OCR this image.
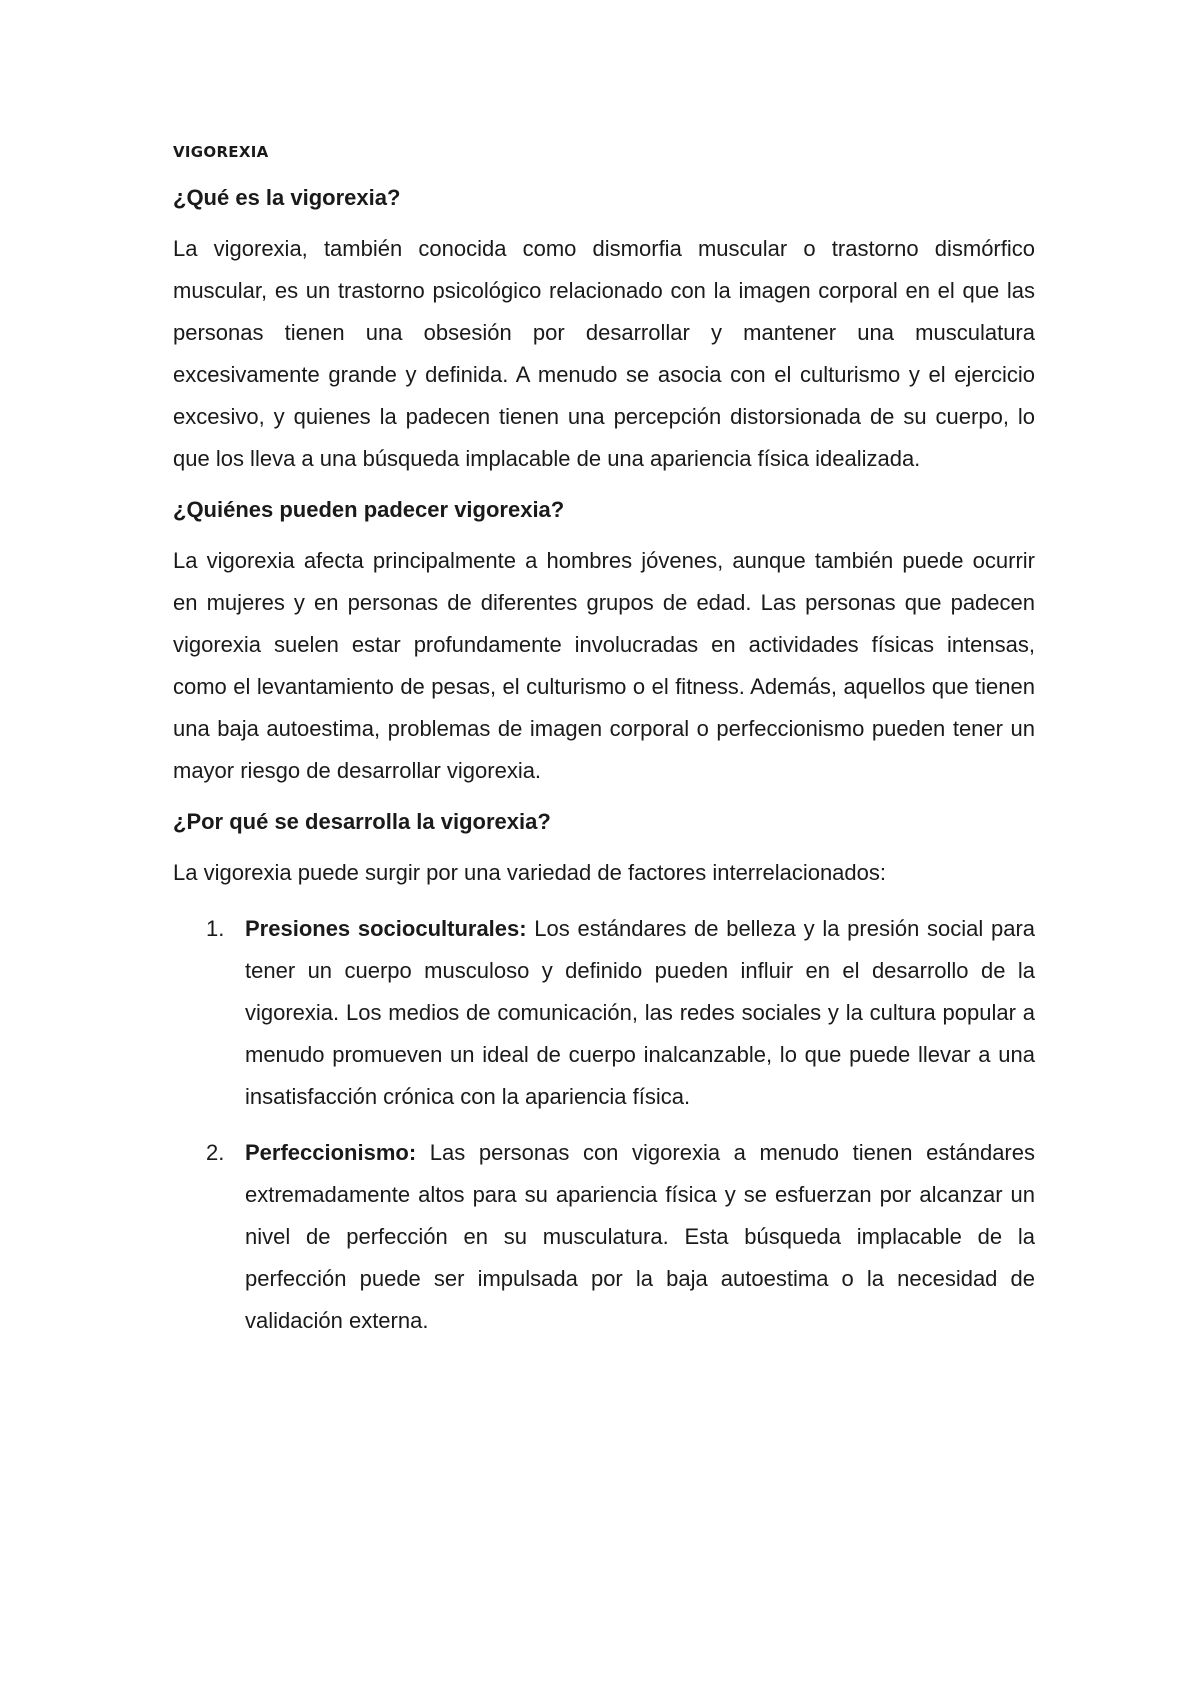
VIGOREXIA
¿Qué es la vigorexia?

La vigorexia, también conocida como dismorfia muscular o trastorno dismórfico muscular, es un trastorno psicológico relacionado con la imagen corporal en el que las personas tienen una obsesión por desarrollar y mantener una musculatura excesivamente grande y definida. A menudo se asocia con el culturismo y el ejercicio excesivo, y quienes la padecen tienen una percepción distorsionada de su cuerpo, lo que los lleva a una búsqueda implacable de una apariencia física idealizada.

¿Quiénes pueden padecer vigorexia?

La vigorexia afecta principalmente a hombres jóvenes, aunque también puede ocurrir en mujeres y en personas de diferentes grupos de edad. Las personas que padecen vigorexia suelen estar profundamente involucradas en actividades físicas intensas, como el levantamiento de pesas, el culturismo o el fitness. Además, aquellos que tienen una baja autoestima, problemas de imagen corporal o perfeccionismo pueden tener un mayor riesgo de desarrollar vigorexia.

¿Por qué se desarrolla la vigorexia?

La vigorexia puede surgir por una variedad de factores interrelacionados:

1. Presiones socioculturales: Los estándares de belleza y la presión social para tener un cuerpo musculoso y definido pueden influir en el desarrollo de la vigorexia. Los medios de comunicación, las redes sociales y la cultura popular a menudo promueven un ideal de cuerpo inalcanzable, lo que puede llevar a una insatisfacción crónica con la apariencia física.
2. Perfeccionismo: Las personas con vigorexia a menudo tienen estándares extremadamente altos para su apariencia física y se esfuerzan por alcanzar un nivel de perfección en su musculatura. Esta búsqueda implacable de la perfección puede ser impulsada por la baja autoestima o la necesidad de validación externa.
